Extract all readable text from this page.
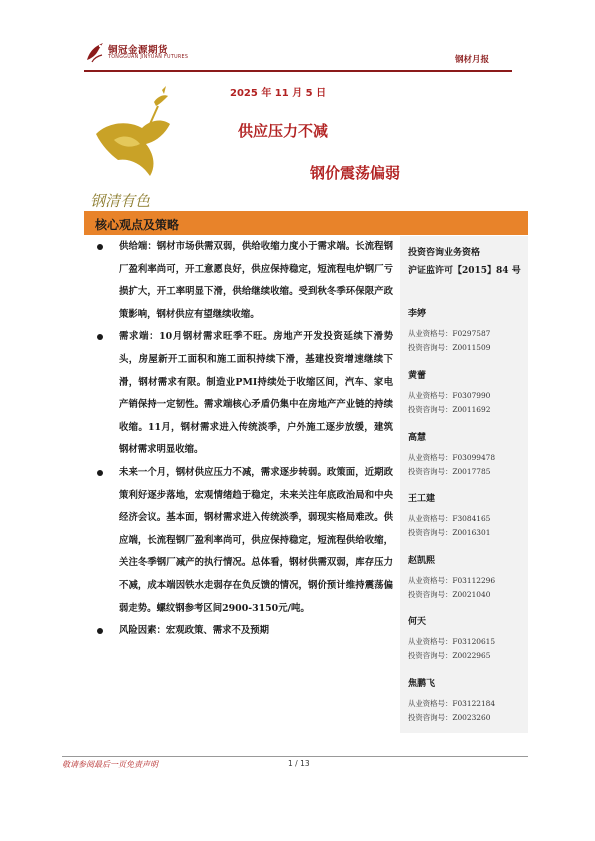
铜冠金源期货
TONGGUAN JINYUAN FUTURES	钢材月报
钢清有色
2025 年 11 月 5 日
供应压力不减
钢价震荡偏弱
核心观点及策略

供给端：钢材市场供需双弱，供给收缩力度小于需求端。长流程钢厂盈利率尚可，开工意愿良好，供应保持稳定，短流程电炉钢厂亏损扩大，开工率明显下滑，供给继续收缩。受到秋冬季环保限产政策影响，钢材供应有望继续收缩。

需求端：10月钢材需求旺季不旺。房地产开发投资延续下滑势头，房屋新开工面积和施工面积持续下滑，基建投资增速继续下滑，钢材需求有限。制造业PMI持续处于收缩区间，汽车、家电产销保持一定韧性。需求端核心矛盾仍集中在房地产产业链的持续收缩。11月，钢材需求进入传统淡季，户外施工逐步放缓，建筑钢材需求明显收缩。

未来一个月，钢材供应压力不减，需求逐步转弱。政策面，近期政策利好逐步落地，宏观情绪趋于稳定，未来关注年底政治局和中央经济会议。基本面，钢材需求进入传统淡季，弱现实格局难改。供应端，长流程钢厂盈利率尚可，供应保持稳定，短流程供给收缩，关注冬季钢厂减产的执行情况。总体看，钢材供需双弱，库存压力不减，成本端因铁水走弱存在负反馈的情况，钢价预计维持震荡偏弱走势。螺纹钢参考区间2900-3150元/吨。

风险因素：宏观政策、需求不及预期

投资咨询业务资格
沪证监许可【2015】84 号
李婷
从业资格号：F0297587
投资咨询号：Z0011509
黄蕾
从业资格号：F0307990
投资咨询号：Z0011692
高慧
从业资格号：F03099478
投资咨询号：Z0017785
王工建
从业资格号：F3084165
投资咨询号：Z0016301
赵凯熙
从业资格号：F03112296
投资咨询号：Z0021040
何天
从业资格号：F03120615
投资咨询号：Z0022965
焦鹏飞
从业资格号：F03122184
投资咨询号：Z0023260
敬请参阅最后一页免责声明	1 / 13
